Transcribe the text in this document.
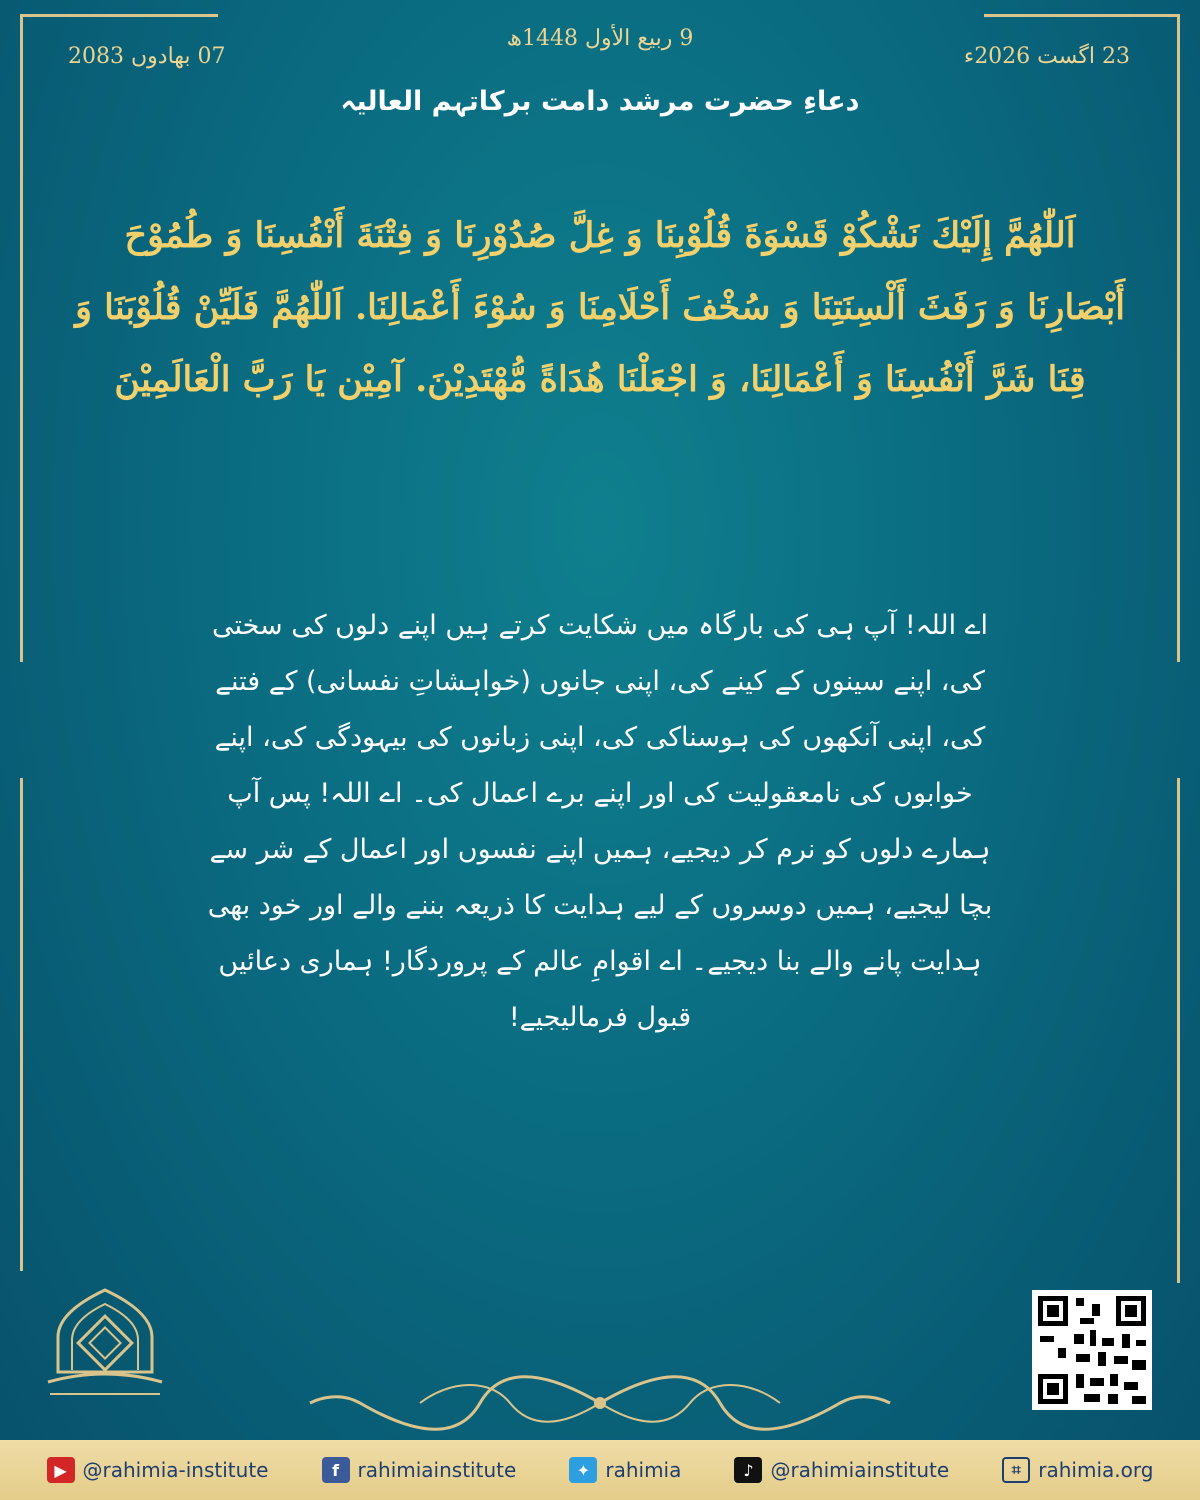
9 ربیع الأول 1448ھ
23 اگست 2026ء
07 بھادوں 2083
دعاءِ حضرت مرشد دامت برکاتہم العالیہ
اَللّٰهُمَّ إِلَيْكَ نَشْكُوْ قَسْوَةَ قُلُوْبِنَا وَ غِلَّ صُدُوْرِنَا وَ فِتْنَةَ أَنْفُسِنَا وَ طُمُوْحَ أَبْصَارِنَا وَ رَفَثَ أَلْسِنَتِنَا وَ سُخْفَ أَحْلَامِنَا وَ سُوْءَ أَعْمَالِنَا. اَللّٰهُمَّ فَلَيِّنْ قُلُوْبَنَا وَ قِنَا شَرَّ أَنْفُسِنَا وَ أَعْمَالِنَا، وَ اجْعَلْنَا هُدَاةً مُّهْتَدِيْنَ. آمِيْن يَا رَبَّ الْعَالَمِيْنَ
اے اللہ! آپ ہی کی بارگاہ میں شکایت کرتے ہیں اپنے دلوں کی سختی کی، اپنے سینوں کے کینے کی، اپنی جانوں (خواہشاتِ نفسانی) کے فتنے کی، اپنی آنکھوں کی ہوسناکی کی، اپنی زبانوں کی بیہودگی کی، اپنے خوابوں کی نامعقولیت کی اور اپنے برے اعمال کی۔ اے اللہ! پس آپ ہمارے دلوں کو نرم کر دیجیے، ہمیں اپنے نفسوں اور اعمال کے شر سے بچا لیجیے، ہمیں دوسروں کے لیے ہدایت کا ذریعہ بننے والے اور خود بھی ہدایت پانے والے بنا دیجیے۔ اے اقوامِ عالم کے پروردگار! ہماری دعائیں قبول فرمالیجیے!
▶ @rahimia-institute	f rahimiainstitute	✦ rahimia	♪ @rahimiainstitute	⌗ rahimia.org
